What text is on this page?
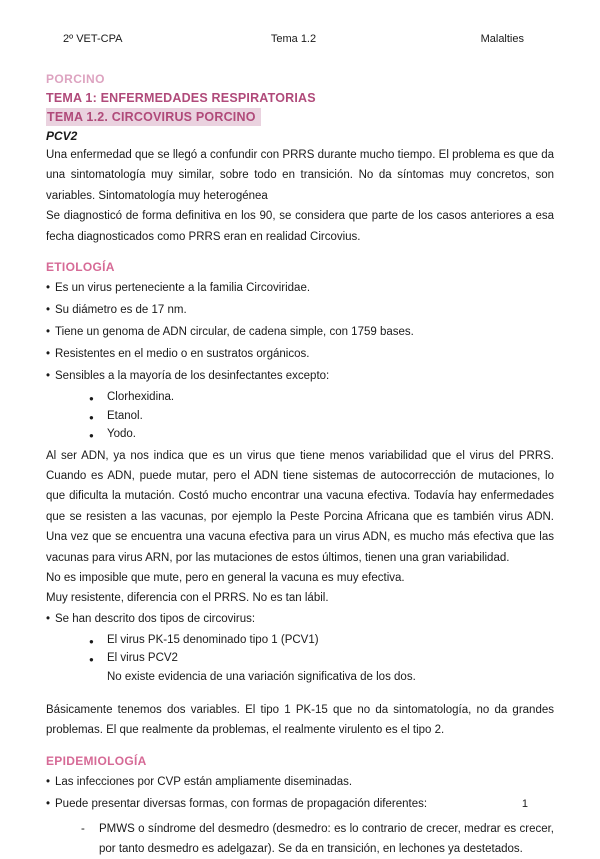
2º VET-CPA	Tema 1.2	Malalties

PORCINO

TEMA 1: ENFERMEDADES RESPIRATORIAS
TEMA 1.2. CIRCOVIRUS PORCINO

PCV2

Una enfermedad que se llegó a confundir con PRRS durante mucho tiempo. El problema es que da una sintomatología muy similar, sobre todo en transición. No da síntomas muy concretos, son variables. Sintomatología muy heterogénea

Se diagnosticó de forma definitiva en los 90, se considera que parte de los casos anteriores a esa fecha diagnosticados como PRRS eran en realidad Circovius.

ETIOLOGÍA
• Es un virus perteneciente a la familia Circoviridae.
• Su diámetro es de 17 nm.
• Tiene un genoma de ADN circular, de cadena simple, con 1759 bases.
• Resistentes en el medio o en sustratos orgánicos.
• Sensibles a la mayoría de los desinfectantes excepto:
● Clorhexidina.
● Etanol.
● Yodo.

Al ser ADN, ya nos indica que es un virus que tiene menos variabilidad que el virus del PRRS. Cuando es ADN, puede mutar, pero el ADN tiene sistemas de autocorrección de mutaciones, lo que dificulta la mutación. Costó mucho encontrar una vacuna efectiva. Todavía hay enfermedades que se resisten a las vacunas, por ejemplo la Peste Porcina Africana que es también virus ADN. Una vez que se encuentra una vacuna efectiva para un virus ADN, es mucho más efectiva que las vacunas para virus ARN, por las mutaciones de estos últimos, tienen una gran variabilidad.

No es imposible que mute, pero en general la vacuna es muy efectiva.

Muy resistente, diferencia con el PRRS. No es tan lábil.

• Se han descrito dos tipos de circovirus:
● El virus PK-15 denominado tipo 1 (PCV1)
● El virus PCV2

No existe evidencia de una variación significativa de los dos.

Básicamente tenemos dos variables. El tipo 1 PK-15 que no da sintomatología, no da grandes problemas. El que realmente da problemas, el realmente virulento es el tipo 2.

EPIDEMIOLOGÍA
• Las infecciones por CVP están ampliamente diseminadas.
• Puede presentar diversas formas, con formas de propagación diferentes:

- PMWS o síndrome del desmedro (desmedro: es lo contrario de crecer, medrar es crecer, por tanto desmedro es adelgazar). Se da en transición, en lechones ya destetados.

1
